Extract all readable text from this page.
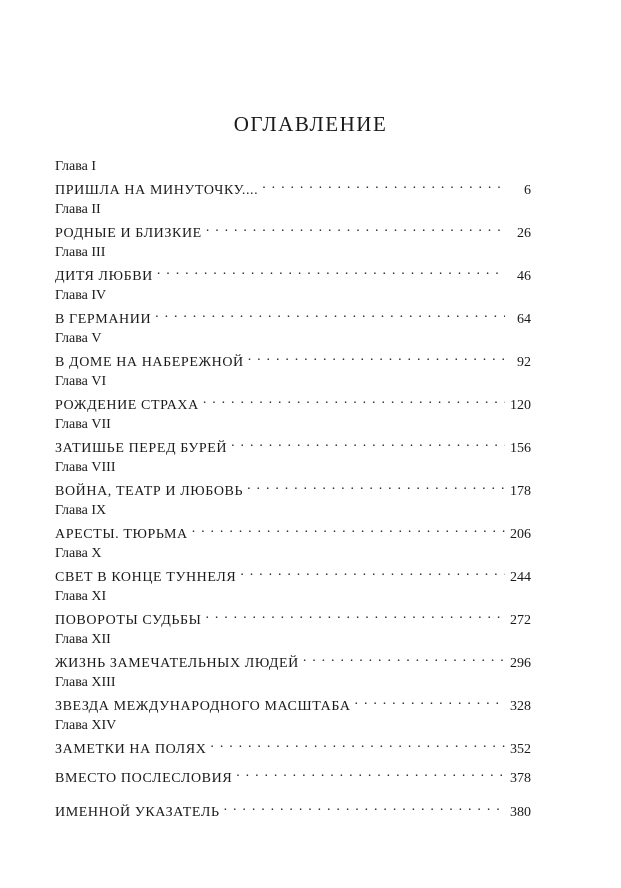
ОГЛАВЛЕНИЕ
Глава I
ПРИШЛА НА МИНУТОЧКУ.... . . .	6
Глава II
РОДНЫЕ И БЛИЗКИЕ . . .	26
Глава III
ДИТЯ ЛЮБВИ . . .	46
Глава IV
В ГЕРМАНИИ . . .	64
Глава V
В ДОМЕ НА НАБЕРЕЖНОЙ . . .	92
Глава VI
РОЖДЕНИЕ СТРАХА . . .	120
Глава VII
ЗАТИШЬЕ ПЕРЕД БУРЕЙ . . .	156
Глава VIII
ВОЙНА, ТЕАТР И ЛЮБОВЬ . . .	178
Глава IX
АРЕСТЫ. ТЮРЬМА . . .	206
Глава X
СВЕТ В КОНЦЕ ТУННЕЛЯ . . .	244
Глава XI
ПОВОРОТЫ СУДЬБЫ . . .	272
Глава XII
ЖИЗНЬ ЗАМЕЧАТЕЛЬНЫХ ЛЮДЕЙ . . .	296
Глава XIII
ЗВЕЗДА МЕЖДУНАРОДНОГО МАСШТАБА . . .	328
Глава XIV
ЗАМЕТКИ НА ПОЛЯХ . . .	352
ВМЕСТО ПОСЛЕСЛОВИЯ . . .	378
ИМЕННОЙ УКАЗАТЕЛЬ . . .	380
